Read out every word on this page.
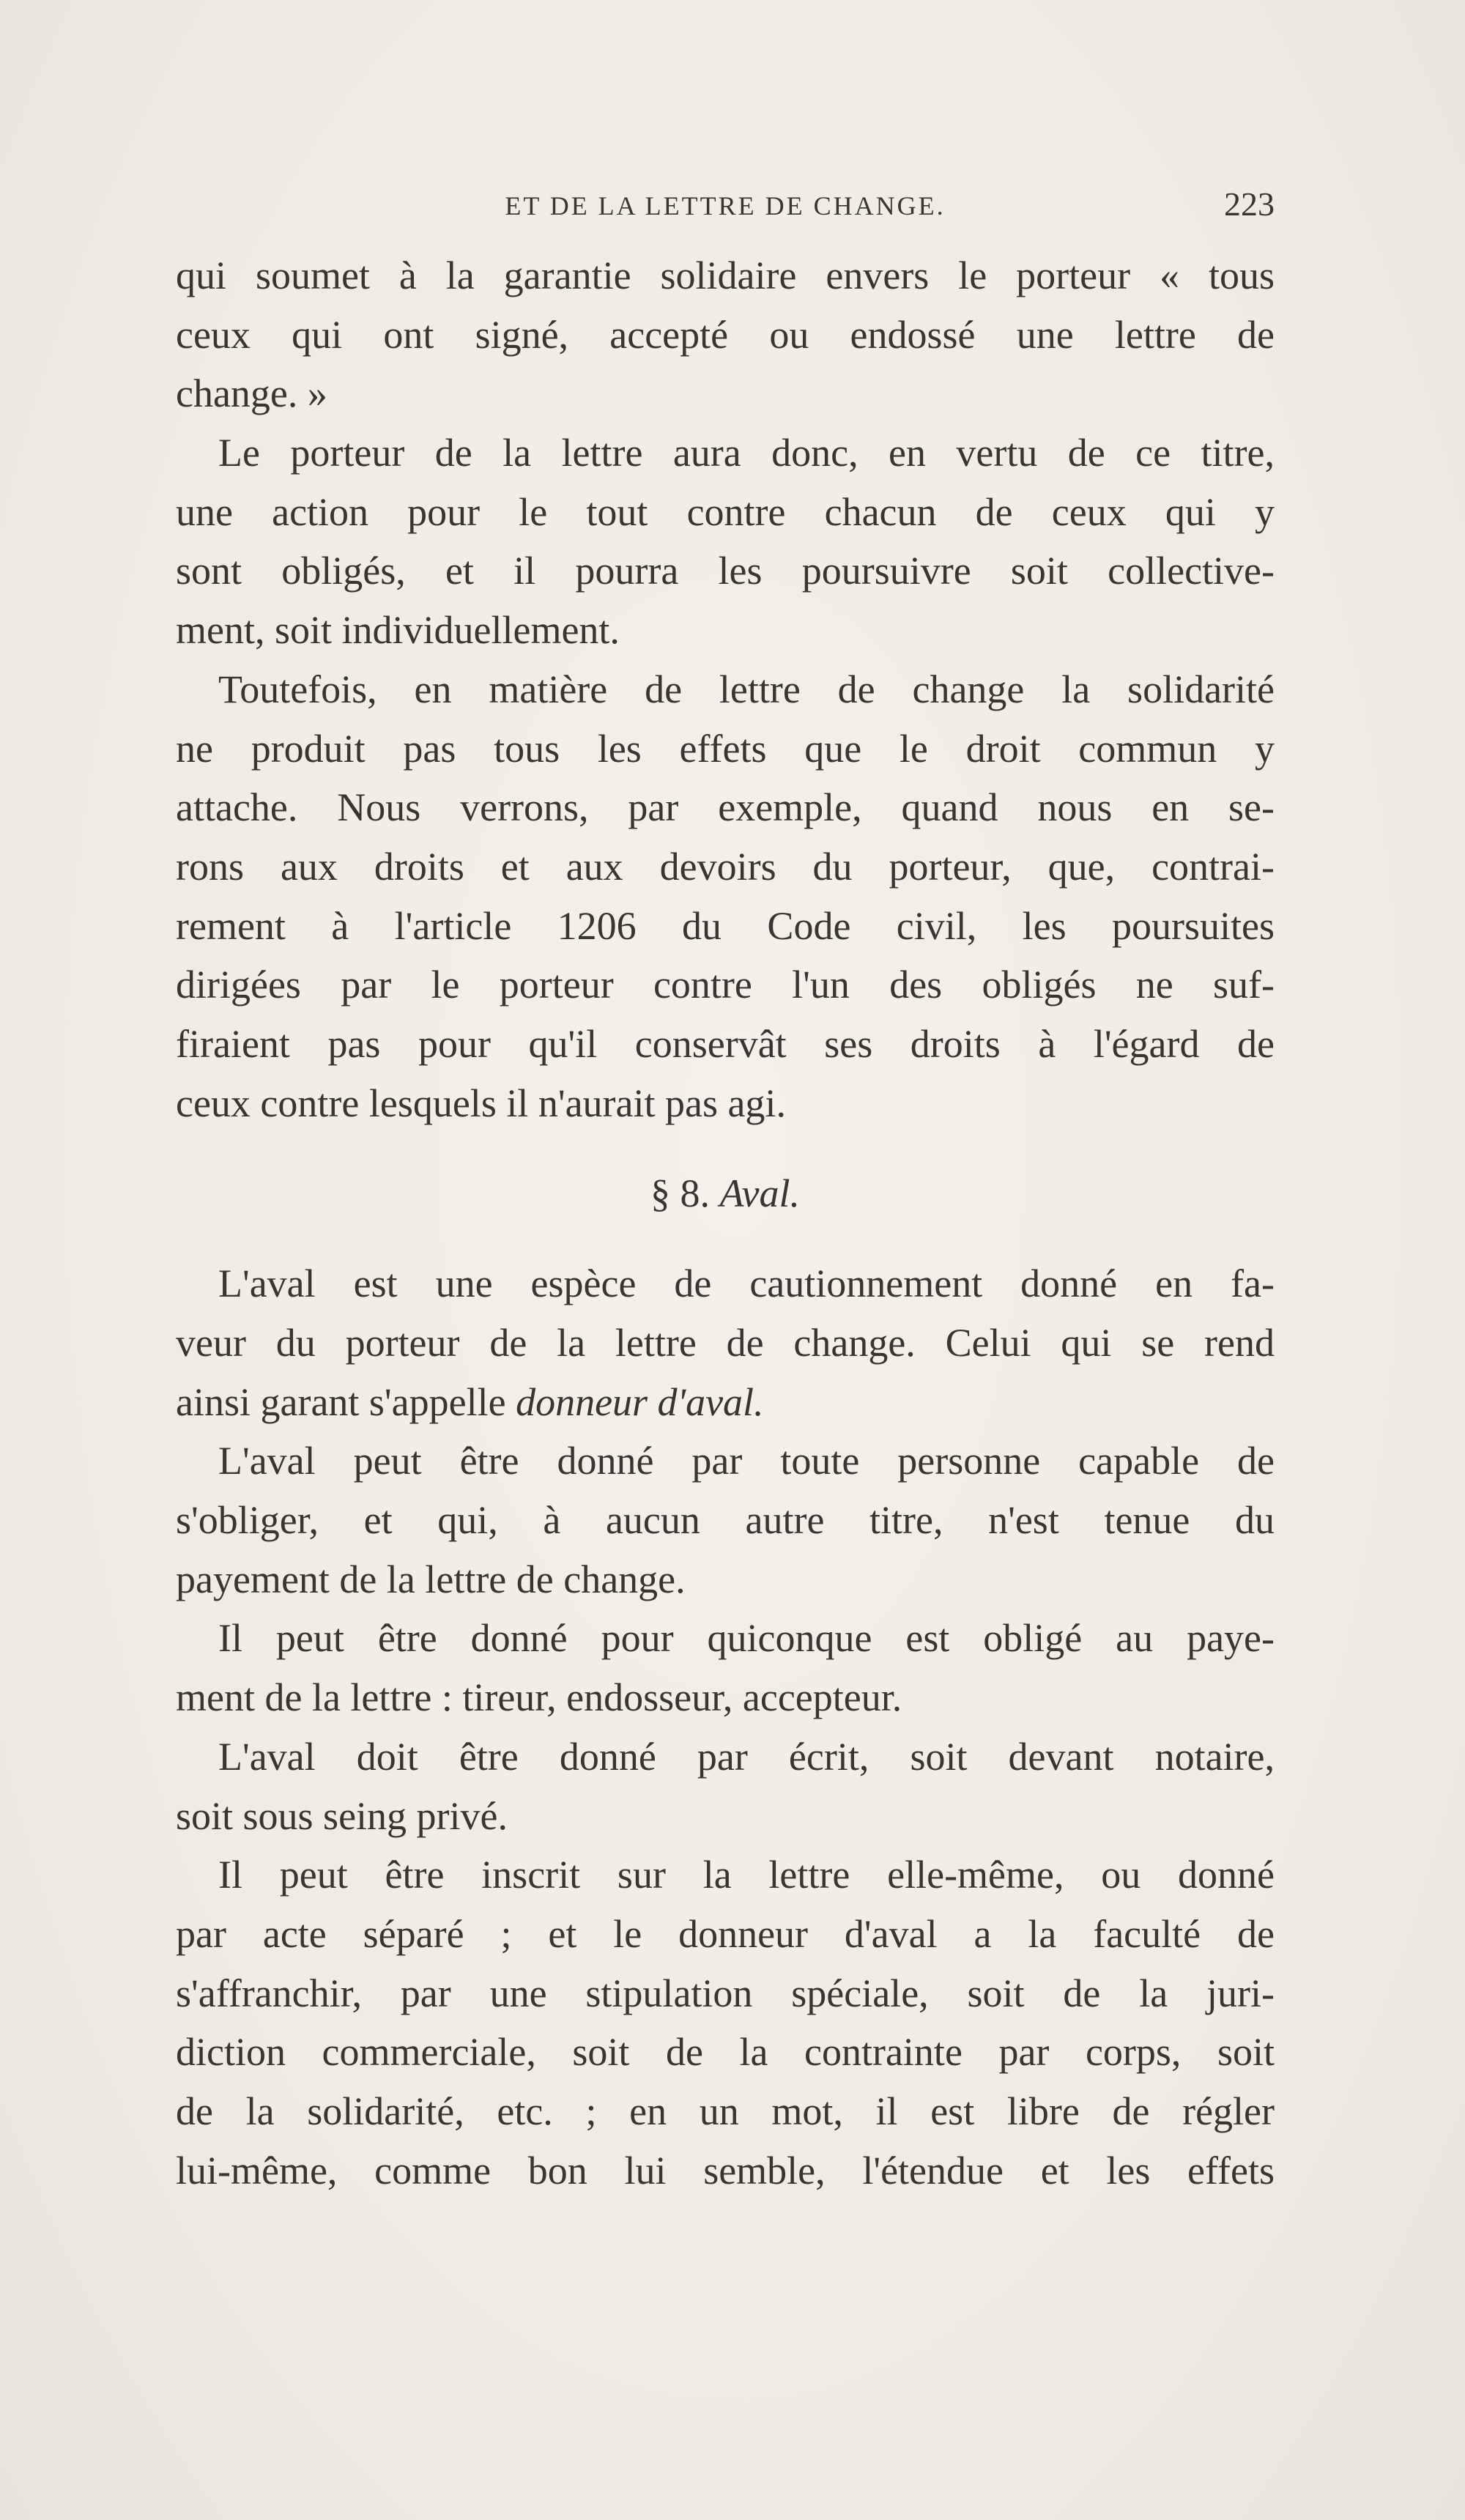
ET DE LA LETTRE DE CHANGE.	223
qui soumet à la garantie solidaire envers le porteur « tous
ceux qui ont signé, accepté ou endossé une lettre de
change. »
Le porteur de la lettre aura donc, en vertu de ce titre,
une action pour le tout contre chacun de ceux qui y
sont obligés, et il pourra les poursuivre soit collective-
ment, soit individuellement.
Toutefois, en matière de lettre de change la solidarité
ne produit pas tous les effets que le droit commun y
attache. Nous verrons, par exemple, quand nous en se-
rons aux droits et aux devoirs du porteur, que, contrai-
rement à l'article 1206 du Code civil, les poursuites
dirigées par le porteur contre l'un des obligés ne suf-
firaient pas pour qu'il conservât ses droits à l'égard de
ceux contre lesquels il n'aurait pas agi.
§ 8. Aval.
L'aval est une espèce de cautionnement donné en fa-
veur du porteur de la lettre de change. Celui qui se rend
ainsi garant s'appelle donneur d'aval.
L'aval peut être donné par toute personne capable de
s'obliger, et qui, à aucun autre titre, n'est tenue du
payement de la lettre de change.
Il peut être donné pour quiconque est obligé au paye-
ment de la lettre : tireur, endosseur, accepteur.
L'aval doit être donné par écrit, soit devant notaire,
soit sous seing privé.
Il peut être inscrit sur la lettre elle-même, ou donné
par acte séparé ; et le donneur d'aval a la faculté de
s'affranchir, par une stipulation spéciale, soit de la juri-
diction commerciale, soit de la contrainte par corps, soit
de la solidarité, etc. ; en un mot, il est libre de régler
lui-même, comme bon lui semble, l'étendue et les effets
